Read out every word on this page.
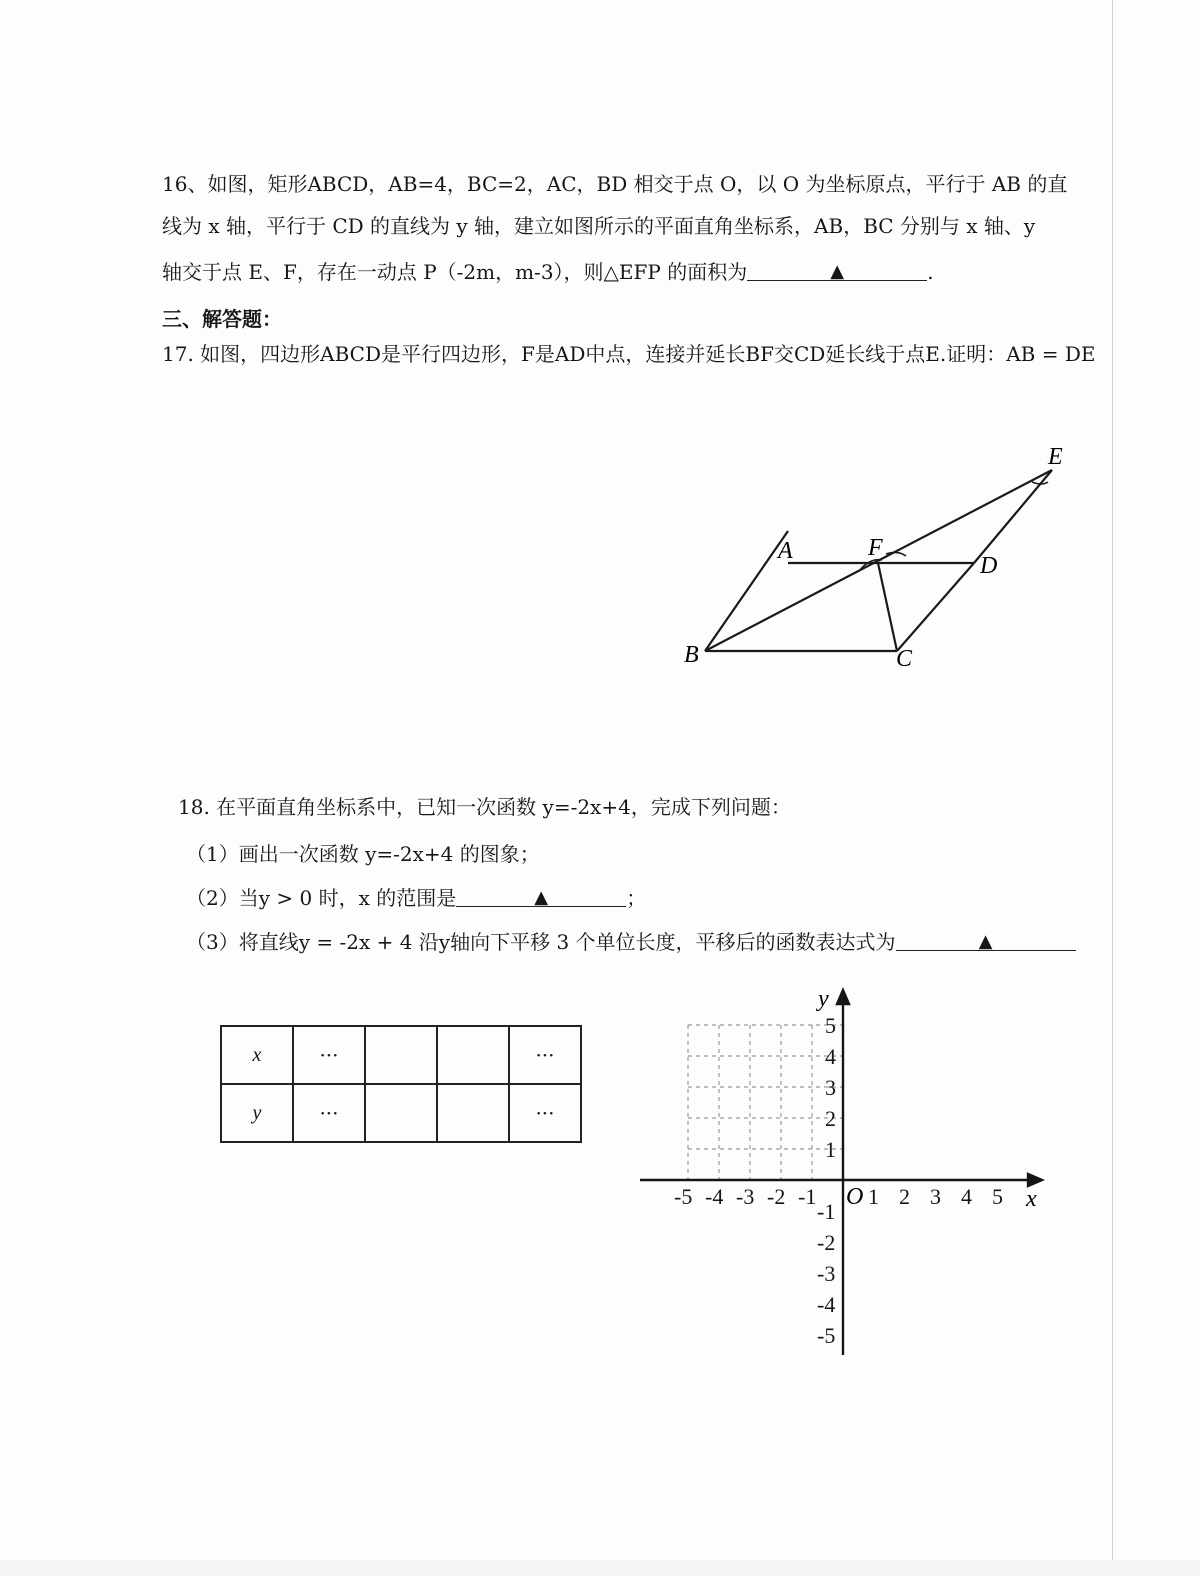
16、如图，矩形ABCD，AB=4，BC=2，AC，BD 相交于点 O，以 O 为坐标原点，平行于 AB 的直
线为 x 轴，平行于 CD 的直线为 y 轴，建立如图所示的平面直角坐标系，AB，BC 分别与 x 轴、y
轴交于点 E、F，存在一动点 P（-2m，m-3），则△EFP 的面积为	▲	.
三、解答题：
17. 如图，四边形ABCD是平行四边形，F是AD中点，连接并延长BF交CD延长线于点E.证明：AB = DE
A	F
D
E
B	C
18. 在平面直角坐标系中，已知一次函数 y=-2x+4，完成下列问题：
（1）画出一次函数 y=-2x+4 的图象；
（2）当y > 0 时，x 的范围是	▲	；
（3）将直线y = -2x + 4 沿y轴向下平移 3 个单位长度，平移后的函数表达式为	▲
x	···			···
y	···			···
x
y
O
-5 -4 -3 -2 -1 1 2 3 4 5
5
4
3
2
1
-1
-2
-3
-4
-5
